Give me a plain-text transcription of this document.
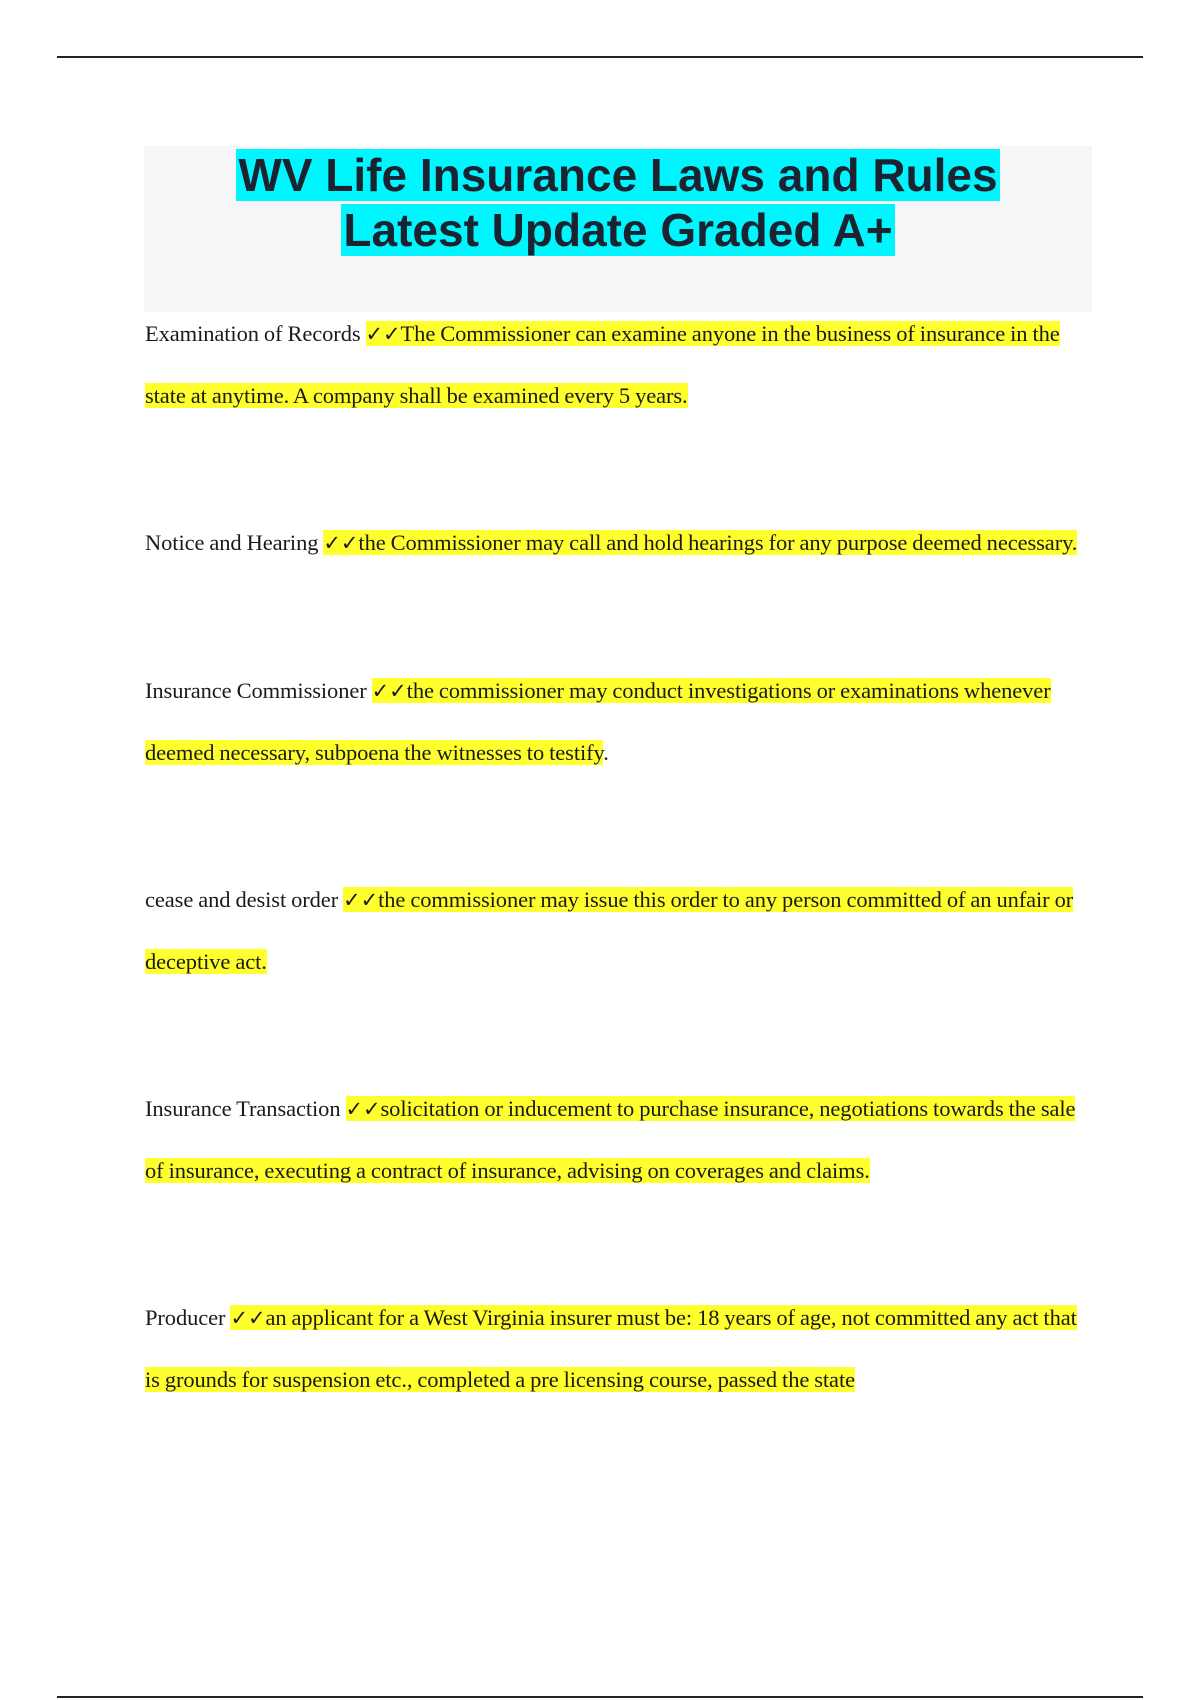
WV Life Insurance Laws and Rules
Latest Update Graded A+

Examination of Records ✓✓The Commissioner can examine anyone in the business of insurance in the state at anytime. A company shall be examined every 5 years.

Notice and Hearing ✓✓the Commissioner may call and hold hearings for any purpose deemed necessary.

Insurance Commissioner ✓✓the commissioner may conduct investigations or examinations whenever deemed necessary, subpoena the witnesses to testify.

cease and desist order ✓✓the commissioner may issue this order to any person committed of an unfair or deceptive act.

Insurance Transaction ✓✓solicitation or inducement to purchase insurance, negotiations towards the sale of insurance, executing a contract of insurance, advising on coverages and claims.

Producer ✓✓an applicant for a West Virginia insurer must be: 18 years of age, not committed any act that is grounds for suspension etc., completed a pre licensing course, passed the state
